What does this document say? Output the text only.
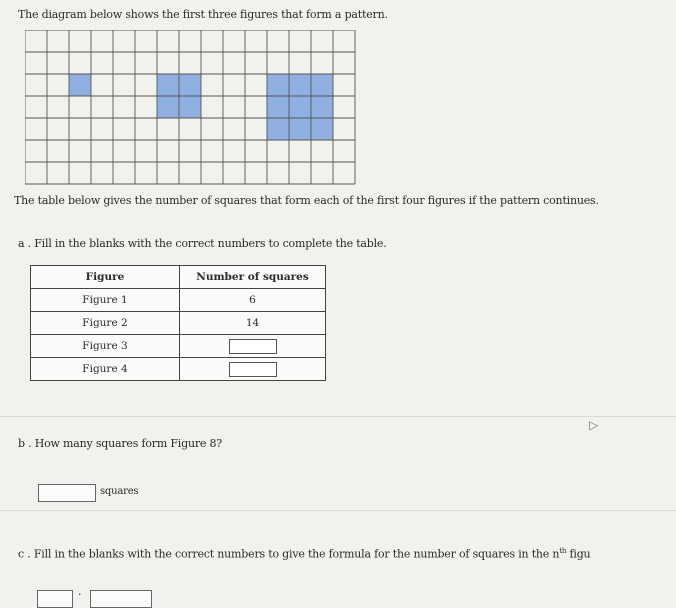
The diagram below shows the first three figures that form a pattern.
The table below gives the number of squares that form each of the first four figures if the pattern continues.
a . Fill in the blanks with the correct numbers to complete the table.
Figure	Number of squares
Figure 1	6
Figure 2	14
Figure 3	
Figure 4	
▷
b . How many squares form Figure 8?
squares
c . Fill in the blanks with the correct numbers to give the formula for the number of squares in the $n^{th}$ figu
·
